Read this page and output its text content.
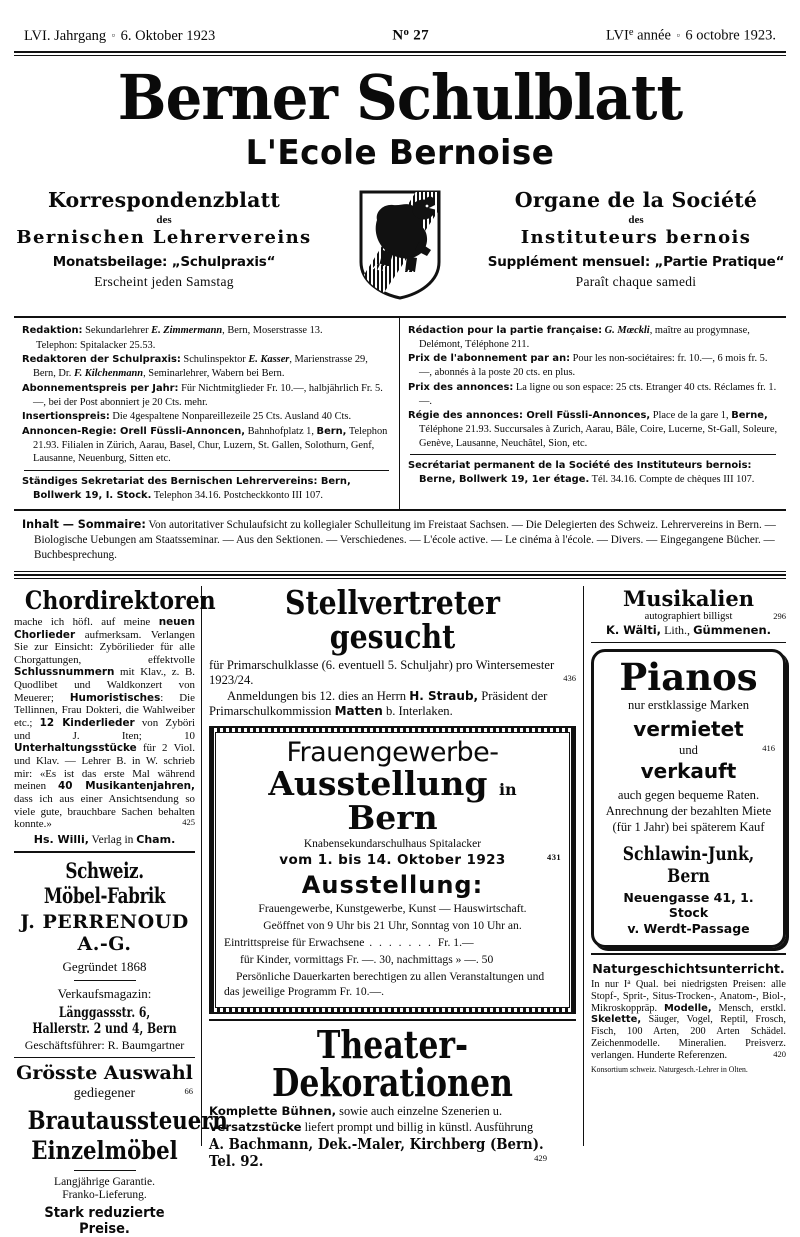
LVI. Jahrgang ▫ 6. Oktober 1923	$N^o$ 27	LVIe année ▫ 6 octobre 1923.
Berner Schulblatt
L'Ecole Bernoise
Korrespondenzblatt
des
Bernischen Lehrervereins
Monatsbeilage: „Schulpraxis“
Erscheint jeden Samstag
Organe de la Société
des
Instituteurs bernois
Supplément mensuel: „Partie Pratique“
Paraît chaque samedi

Redaktion: Sekundarlehrer E. Zimmermann, Bern, Moserstrasse 13.

Telephon: Spitalacker 25.53.

Redaktoren der Schulpraxis: Schulinspektor E. Kasser, Marienstrasse 29, Bern, Dr. F. Kilchenmann, Seminarlehrer, Wabern bei Bern.

Abonnementspreis per Jahr: Für Nichtmitglieder Fr. 10.—, halbjährlich Fr. 5.—, bei der Post abonniert je 20 Cts. mehr.

Insertionspreis: Die 4gespaltene Nonpareillezeile 25 Cts. Ausland 40 Cts.

Annoncen-Regie: Orell Füssli-Annoncen, Bahnhofplatz 1, Bern, Telephon 21.93. Filialen in Zürich, Aarau, Basel, Chur, Luzern, St. Gallen, Solothurn, Genf, Lausanne, Neuenburg, Sitten etc.

Ständiges Sekretariat des Bernischen Lehrervereins: Bern, Bollwerk 19, I. Stock. Telephon 34.16. Postcheckkonto III 107.

Rédaction pour la partie française: G. Mœckli, maître au progymnase, Delémont, Téléphone 211.

Prix de l'abonnement par an: Pour les non-sociétaires: fr. 10.—, 6 mois fr. 5.—, abonnés à la poste 20 cts. en plus.

Prix des annonces: La ligne ou son espace: 25 cts. Etranger 40 cts. Réclames fr. 1.—.

Régie des annonces: Orell Füssli-Annonces, Place de la gare 1, Berne, Téléphone 21.93. Succursales à Zurich, Aarau, Bâle, Coire, Lucerne, St-Gall, Soleure, Genève, Lausanne, Neuchâtel, Sion, etc.

Secrétariat permanent de la Société des Instituteurs bernois: Berne, Bollwerk 19, 1er étage. Tél. 34.16. Compte de chèques III 107.

Inhalt — Sommaire: Von autoritativer Schulaufsicht zu kollegialer Schulleitung im Freistaat Sachsen. — Die Delegierten des Schweiz. Lehrervereins in Bern. — Biologische Uebungen am Staatsseminar. — Aus den Sektionen. — Verschiedenes. — L'école active. — Le cinéma à l'école. — Divers. — Eingegangene Bücher. — Buchbesprechung.

Chordirektoren
mache ich höfl. auf meine neuen Chorlieder aufmerksam. Verlangen Sie zur Einsicht: Zybörilieder für alle Chorgattungen, effektvolle Schlussnummern mit Klav., z. B. Quodlibet und Waldkonzert von Meuerer; Humoristisches: Die Tellinnen, Frau Dokteri, die Wahlweiber etc.; 12 Kinderlieder von Zyböri und J. Iten; 10 Unterhaltungsstücke für 2 Viol. und Klav. — Lehrer B. in W. schrieb mir: «Es ist das erste Mal während meinen 40 Musikantenjahren, dass ich aus einer Ansichtsendung so viele gute, brauchbare Sachen behalten konnte.»	425
Hs. Willi, Verlag in Cham.
Schweiz. Möbel-Fabrik
J. PERRENOUD A.-G.
Gegründet 1868
Verkaufsmagazin:
Länggassstr. 6, Hallerstr. 2 und 4, Bern
Geschäftsführer: R. Baumgartner
Grösste Auswahl
gediegener	66
Brautaussteuern
Einzelmöbel
Langjährige Garantie.
Franko-Lieferung.
Stark reduzierte Preise.
Stellvertreter gesucht

für Primarschulklasse (6. eventuell 5. Schuljahr) pro Wintersemester 1923/24.	436

Anmeldungen bis 12. dies an Herrn H. Straub, Präsident der Primarschulkommission Matten b. Interlaken.

Frauengewerbe-
Ausstellung in Bern
Knabensekundarschulhaus Spitalacker
vom 1. bis 14. Oktober 1923	431
Ausstellung:
Frauengewerbe, Kunstgewerbe, Kunst — Hauswirtschaft.
Geöffnet von 9 Uhr bis 21 Uhr, Sonntag von 10 Uhr an.
Eintrittspreise für Erwachsene . . . . . . . Fr. 1.—
für Kinder, vormittags Fr. —. 30, nachmittags » —. 50
Persönliche Dauerkarten berechtigen zu allen Veranstaltungen und das jeweilige Programm Fr. 10.—.
Theater-Dekorationen
Komplette Bühnen, sowie auch einzelne Szenerien u. Versatzstücke liefert prompt und billig in künstl. Ausführung
A. Bachmann, Dek.-Maler, Kirchberg (Bern). Tel. 92.	429
Musikalien
autographiert billigst	296
K. Wälti, Lith., Gümmenen.
Pianos
nur erstklassige Marken
vermietet
und	416
verkauft
auch gegen bequeme Raten. Anrechnung der bezahlten Miete (für 1 Jahr) bei späterem Kauf
Schlawin-Junk, Bern
Neuengasse 41, 1. Stock
v. Werdt-Passage
Naturgeschichtsunterricht.
In nur $I^a$ Qual. bei niedrigsten Preisen: alle Stopf-, Sprit-, Situs-Trocken-, Anatom-, Biol-, Mikroskoppräp. Modelle, Mensch, erstkl. Skelette, Säuger, Vogel, Reptil, Frosch, Fisch, 100 Arten, 200 Arten Schädel. Zeichenmodelle. Mineralien. Preisverz. verlangen. Hunderte Referenzen.	420
Konsortium schweiz. Naturgesch.-Lehrer in Olten.
